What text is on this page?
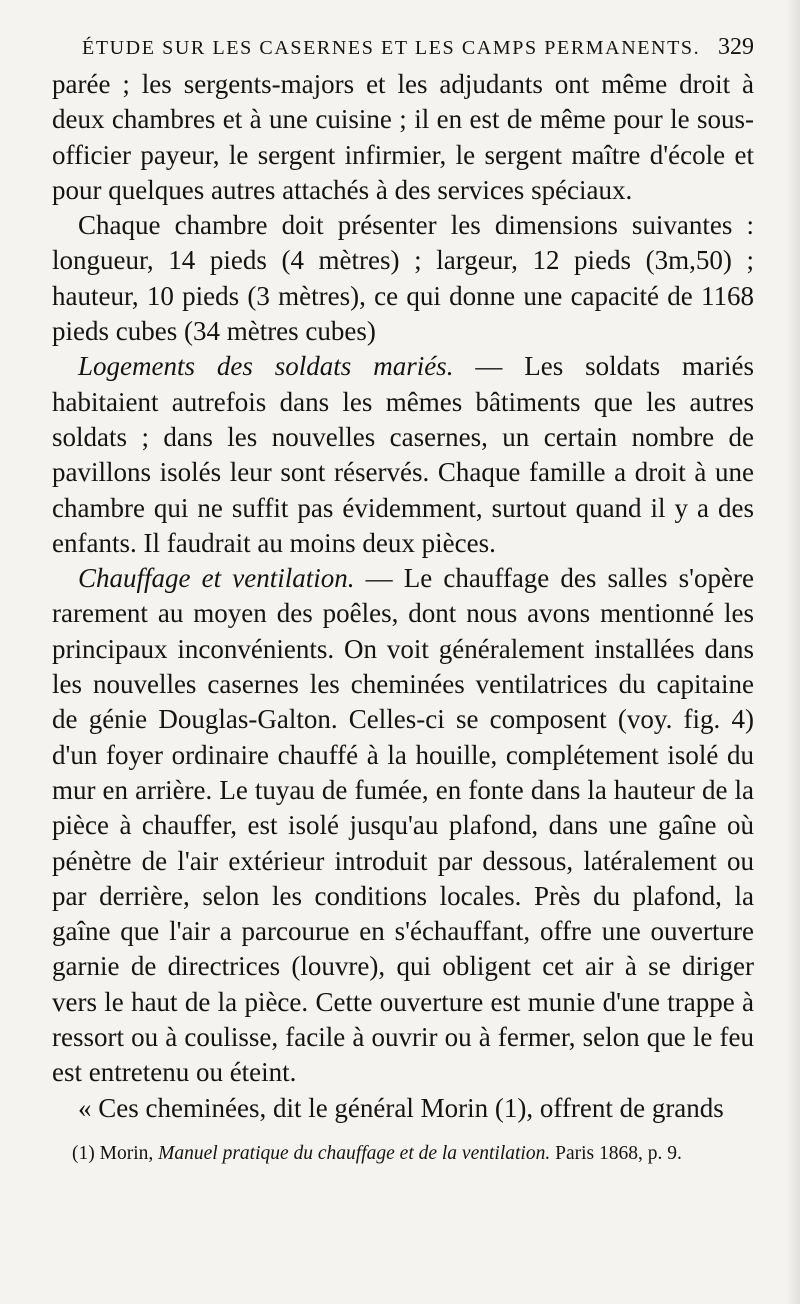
ÉTUDE SUR LES CASERNES ET LES CAMPS PERMANENTS. 329

parée ; les sergents-majors et les adjudants ont même droit à deux chambres et à une cuisine ; il en est de même pour le sous-officier payeur, le sergent infirmier, le sergent maître d'école et pour quelques autres attachés à des services spéciaux.

Chaque chambre doit présenter les dimensions suivantes : longueur, 14 pieds (4 mètres) ; largeur, 12 pieds (3m,50) ; hauteur, 10 pieds (3 mètres), ce qui donne une capacité de 1168 pieds cubes (34 mètres cubes)

Logements des soldats mariés. — Les soldats mariés habitaient autrefois dans les mêmes bâtiments que les autres soldats ; dans les nouvelles casernes, un certain nombre de pavillons isolés leur sont réservés. Chaque famille a droit à une chambre qui ne suffit pas évidemment, surtout quand il y a des enfants. Il faudrait au moins deux pièces.

Chauffage et ventilation. — Le chauffage des salles s'opère rarement au moyen des poêles, dont nous avons mentionné les principaux inconvénients. On voit généralement installées dans les nouvelles casernes les cheminées ventilatrices du capitaine de génie Douglas-Galton. Celles-ci se composent (voy. fig. 4) d'un foyer ordinaire chauffé à la houille, complétement isolé du mur en arrière. Le tuyau de fumée, en fonte dans la hauteur de la pièce à chauffer, est isolé jusqu'au plafond, dans une gaîne où pénètre de l'air extérieur introduit par dessous, latéralement ou par derrière, selon les conditions locales. Près du plafond, la gaîne que l'air a parcourue en s'échauffant, offre une ouverture garnie de directrices (louvre), qui obligent cet air à se diriger vers le haut de la pièce. Cette ouverture est munie d'une trappe à ressort ou à coulisse, facile à ouvrir ou à fermer, selon que le feu est entretenu ou éteint.

« Ces cheminées, dit le général Morin (1), offrent de grands

(1) Morin, Manuel pratique du chauffage et de la ventilation. Paris 1868, p. 9.
